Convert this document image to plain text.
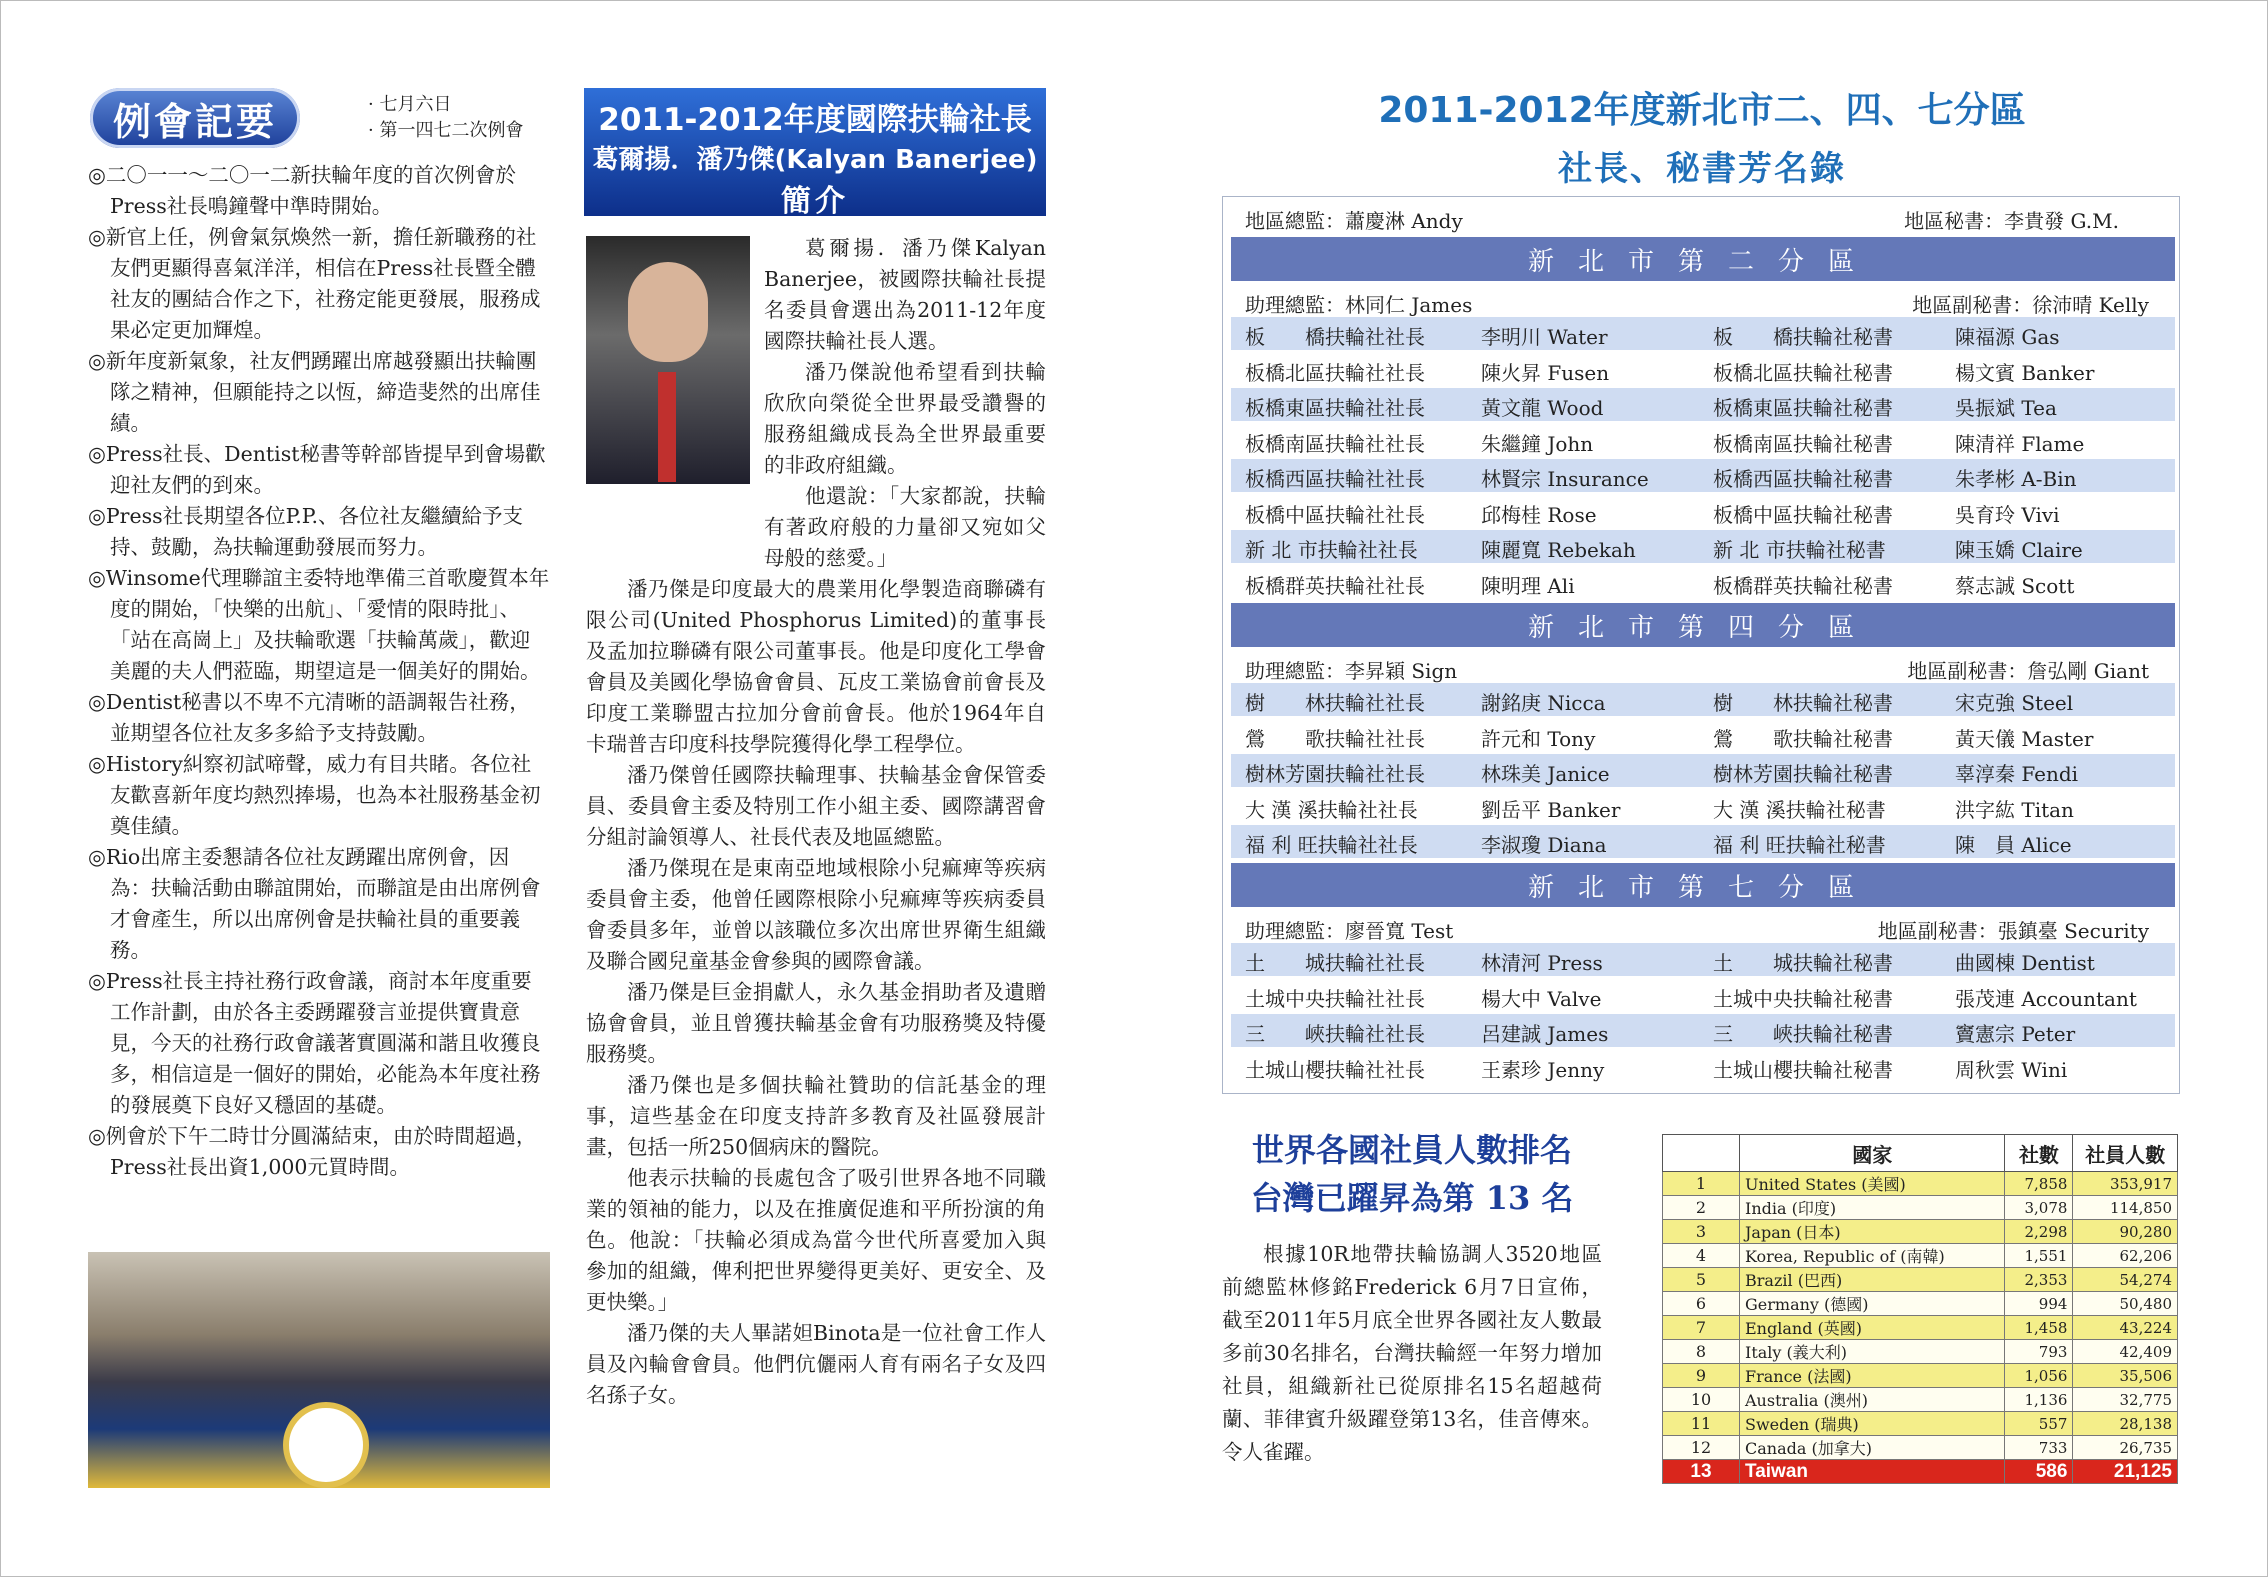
例會記要	· 七月六日
· 第一四七二次例會

◎二〇一一～二〇一二新扶輪年度的首次例會於Press社長鳴鐘聲中準時開始。

◎新官上任，例會氣氛煥然一新，擔任新職務的社友們更顯得喜氣洋洋，相信在Press社長暨全體社友的團結合作之下，社務定能更發展，服務成果必定更加輝煌。

◎新年度新氣象，社友們踴躍出席越發顯出扶輪團隊之精神，但願能持之以恆，締造斐然的出席佳績。

◎Press社長、Dentist秘書等幹部皆提早到會場歡迎社友們的到來。

◎Press社長期望各位P.P.、各位社友繼續給予支持、鼓勵，為扶輪運動發展而努力。

◎Winsome代理聯誼主委特地準備三首歌慶賀本年度的開始，「快樂的出航」、「愛情的限時批」、「站在高崗上」及扶輪歌選「扶輪萬歲」，歡迎美麗的夫人們蒞臨，期望這是一個美好的開始。

◎Dentist秘書以不卑不亢清晰的語調報告社務，並期望各位社友多多給予支持鼓勵。

◎History糾察初試啼聲，威力有目共睹。各位社友歡喜新年度均熱烈捧場，也為本社服務基金初奠佳績。

◎Rio出席主委懇請各位社友踴躍出席例會，因為：扶輪活動由聯誼開始，而聯誼是由出席例會才會產生，所以出席例會是扶輪社員的重要義務。

◎Press社長主持社務行政會議，商討本年度重要工作計劃，由於各主委踴躍發言並提供寶貴意見，今天的社務行政會議著實圓滿和諧且收獲良多，相信這是一個好的開始，必能為本年度社務的發展奠下良好又穩固的基礎。

◎例會於下午二時廿分圓滿結束，由於時間超過，Press社長出資1,000元買時間。

2011-2012年度國際扶輪社長
葛爾揚．潘乃傑(Kalyan Banerjee)
簡介

葛爾揚．潘乃傑Kalyan Banerjee，被國際扶輪社長提名委員會選出為2011-12年度國際扶輪社長人選。

潘乃傑說他希望看到扶輪欣欣向榮從全世界最受讚譽的服務組織成長為全世界最重要的非政府組織。

他還說：「大家都說，扶輪有著政府般的力量卻又宛如父母般的慈愛。」

潘乃傑是印度最大的農業用化學製造商聯磷有限公司(United Phosphorus Limited)的董事長及孟加拉聯磷有限公司董事長。他是印度化工學會會員及美國化學協會會員、瓦皮工業協會前會長及印度工業聯盟古拉加分會前會長。他於1964年自卡瑞普吉印度科技學院獲得化學工程學位。

潘乃傑曾任國際扶輪理事、扶輪基金會保管委員、委員會主委及特別工作小組主委、國際講習會分組討論領導人、社長代表及地區總監。

潘乃傑現在是東南亞地域根除小兒痲痺等疾病委員會主委，他曾任國際根除小兒痲痺等疾病委員會委員多年，並曾以該職位多次出席世界衛生組織及聯合國兒童基金會參與的國際會議。

潘乃傑是巨金捐獻人，永久基金捐助者及遺贈協會會員，並且曾獲扶輪基金會有功服務獎及特優服務獎。

潘乃傑也是多個扶輪社贊助的信託基金的理事，這些基金在印度支持許多教育及社區發展計畫，包括一所250個病床的醫院。

他表示扶輪的長處包含了吸引世界各地不同職業的領袖的能力，以及在推廣促進和平所扮演的角色。他說：「扶輪必須成為當今世代所喜愛加入與參加的組織，俾利把世界變得更美好、更安全、及更快樂。」

潘乃傑的夫人畢諾妲Binota是一位社會工作人員及內輪會會員。他們伉儷兩人育有兩名子女及四名孫子女。

2011-2012年度新北市二、四、七分區
社長、秘書芳名錄
地區總監：蕭慶淋 Andy	地區秘書：李貴發 G.M.
新北市第二分區
助理總監：林同仁 James	地區副秘書：徐沛晴 Kelly
板　　橋扶輪社社長	李明川 Water	板　　橋扶輪社秘書	陳福源 Gas
板橋北區扶輪社社長	陳火昇 Fusen	板橋北區扶輪社秘書	楊文賓 Banker
板橋東區扶輪社社長	黃文龍 Wood	板橋東區扶輪社秘書	吳振斌 Tea
板橋南區扶輪社社長	朱繼鐘 John	板橋南區扶輪社秘書	陳清祥 Flame
板橋西區扶輪社社長	林賢宗 Insurance	板橋西區扶輪社秘書	朱孝彬 A-Bin
板橋中區扶輪社社長	邱梅桂 Rose	板橋中區扶輪社秘書	吳育玲 Vivi
新 北 市扶輪社社長	陳麗寬 Rebekah	新 北 市扶輪社秘書	陳玉嬌 Claire
板橋群英扶輪社社長	陳明理 Ali	板橋群英扶輪社秘書	蔡志誠 Scott
新北市第四分區
助理總監：李昇穎 Sign	地區副秘書：詹弘剛 Giant
樹　　林扶輪社社長	謝銘庚 Nicca	樹　　林扶輪社秘書	宋克強 Steel
鶯　　歌扶輪社社長	許元和 Tony	鶯　　歌扶輪社秘書	黃天儀 Master
樹林芳園扶輪社社長	林珠美 Janice	樹林芳園扶輪社秘書	辜淳秦 Fendi
大 漢 溪扶輪社社長	劉岳平 Banker	大 漢 溪扶輪社秘書	洪字紘 Titan
福 利 旺扶輪社社長	李淑瓊 Diana	福 利 旺扶輪社秘書	陳　員 Alice
新北市第七分區
助理總監：廖晉寬 Test	地區副秘書：張鎮臺 Security
土　　城扶輪社社長	林清河 Press	土　　城扶輪社秘書	曲國棟 Dentist
土城中央扶輪社社長	楊大中 Valve	土城中央扶輪社秘書	張茂連 Accountant
三　　峽扶輪社社長	呂建誠 James	三　　峽扶輪社秘書	竇憲宗 Peter
土城山櫻扶輪社社長	王素珍 Jenny	土城山櫻扶輪社秘書	周秋雲 Wini
世界各國社員人數排名
台灣已躍昇為第 13 名

根據10R地帶扶輪協調人3520地區前總監林修銘Frederick 6月7日宣佈，截至2011年5月底全世界各國社友人數最多前30名排名，台灣扶輪經一年努力增加社員，組織新社已從原排名15名超越荷蘭、菲律賓升級躍登第13名，佳音傳來。令人雀躍。

	國家	社數	社員人數
1	United States (美國)	7,858	353,917
2	India (印度)	3,078	114,850
3	Japan (日本)	2,298	90,280
4	Korea, Republic of (南韓)	1,551	62,206
5	Brazil (巴西)	2,353	54,274
6	Germany (德國)	994	50,480
7	England (英國)	1,458	43,224
8	Italy (義大利)	793	42,409
9	France (法國)	1,056	35,506
10	Australia (澳州)	1,136	32,775
11	Sweden (瑞典)	557	28,138
12	Canada (加拿大)	733	26,735
13	Taiwan	586	21,125
